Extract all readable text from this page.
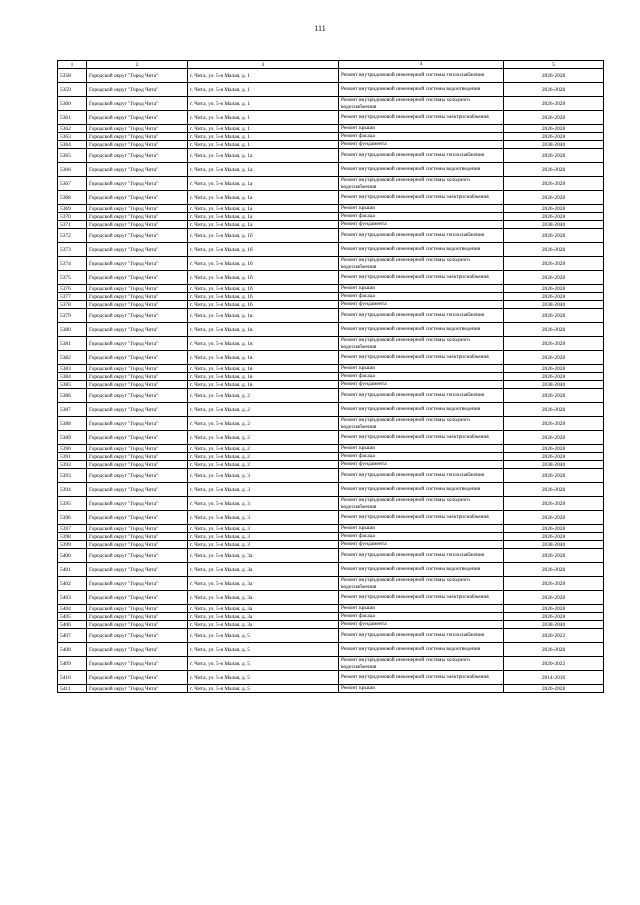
111
1	2	3	4	5
5358	Городской округ "Город Чита"	г. Чита, ул. 5-я Малая, д. 1	Ремонт внутридомовой инженерной системы теплоснабжения	2026-2028
5359	Городской округ "Город Чита"	г. Чита, ул. 5-я Малая, д. 1	Ремонт внутридомовой инженерной системы водоотведения	2026-2028
5360	Городской округ "Город Чита"	г. Чита, ул. 5-я Малая, д. 1	Ремонт внутридомовой инженерной системы холодного водоснабжения	2026-2028
5361	Городской округ "Город Чита"	г. Чита, ул. 5-я Малая, д. 1	Ремонт внутридомовой инженерной системы электроснабжения	2026-2028
5362	Городской округ "Город Чита"	г. Чита, ул. 5-я Малая, д. 1	Ремонт крыши	2026-2028
5363	Городской округ "Город Чита"	г. Чита, ул. 5-я Малая, д. 1	Ремонт фасада	2026-2028
5364	Городской округ "Город Чита"	г. Чита, ул. 5-я Малая, д. 1	Ремонт фундамента	2038-2040
5365	Городской округ "Город Чита"	г. Чита, ул. 5-я Малая, д. 1а	Ремонт внутридомовой инженерной системы теплоснабжения	2026-2028
5366	Городской округ "Город Чита"	г. Чита, ул. 5-я Малая, д. 1а	Ремонт внутридомовой инженерной системы водоотведения	2026-2028
5367	Городской округ "Город Чита"	г. Чита, ул. 5-я Малая, д. 1а	Ремонт внутридомовой инженерной системы холодного водоснабжения	2026-2028
5368	Городской округ "Город Чита"	г. Чита, ул. 5-я Малая, д. 1а	Ремонт внутридомовой инженерной системы электроснабжения	2026-2028
5369	Городской округ "Город Чита"	г. Чита, ул. 5-я Малая, д. 1а	Ремонт крыши	2026-2028
5370	Городской округ "Город Чита"	г. Чита, ул. 5-я Малая, д. 1а	Ремонт фасада	2026-2028
5371	Городской округ "Город Чита"	г. Чита, ул. 5-я Малая, д. 1а	Ремонт фундамента	2038-2040
5372	Городской округ "Город Чита"	г. Чита, ул. 5-я Малая, д. 1б	Ремонт внутридомовой инженерной системы теплоснабжения	2026-2028
5373	Городской округ "Город Чита"	г. Чита, ул. 5-я Малая, д. 1б	Ремонт внутридомовой инженерной системы водоотведения	2026-2028
5374	Городской округ "Город Чита"	г. Чита, ул. 5-я Малая, д. 1б	Ремонт внутридомовой инженерной системы холодного водоснабжения	2026-2028
5375	Городской округ "Город Чита"	г. Чита, ул. 5-я Малая, д. 1б	Ремонт внутридомовой инженерной системы электроснабжения	2026-2028
5376	Городской округ "Город Чита"	г. Чита, ул. 5-я Малая, д. 1б	Ремонт крыши	2026-2028
5377	Городской округ "Город Чита"	г. Чита, ул. 5-я Малая, д. 1б	Ремонт фасада	2026-2028
5378	Городской округ "Город Чита"	г. Чита, ул. 5-я Малая, д. 1б	Ремонт фундамента	2038-2040
5379	Городской округ "Город Чита"	г. Чита, ул. 5-я Малая, д. 1в	Ремонт внутридомовой инженерной системы теплоснабжения	2026-2028
5380	Городской округ "Город Чита"	г. Чита, ул. 5-я Малая, д. 1в	Ремонт внутридомовой инженерной системы водоотведения	2026-2028
5381	Городской округ "Город Чита"	г. Чита, ул. 5-я Малая, д. 1в	Ремонт внутридомовой инженерной системы холодного водоснабжения	2026-2028
5382	Городской округ "Город Чита"	г. Чита, ул. 5-я Малая, д. 1в	Ремонт внутридомовой инженерной системы электроснабжения	2026-2028
5383	Городской округ "Город Чита"	г. Чита, ул. 5-я Малая, д. 1в	Ремонт крыши	2026-2028
5384	Городской округ "Город Чита"	г. Чита, ул. 5-я Малая, д. 1в	Ремонт фасада	2026-2028
5385	Городской округ "Город Чита"	г. Чита, ул. 5-я Малая, д. 1в	Ремонт фундамента	2038-2040
5386	Городской округ "Город Чита"	г. Чита, ул. 5-я Малая, д. 2	Ремонт внутридомовой инженерной системы теплоснабжения	2026-2028
5387	Городской округ "Город Чита"	г. Чита, ул. 5-я Малая, д. 2	Ремонт внутридомовой инженерной системы водоотведения	2026-2028
5388	Городской округ "Город Чита"	г. Чита, ул. 5-я Малая, д. 2	Ремонт внутридомовой инженерной системы холодного водоснабжения	2026-2028
5389	Городской округ "Город Чита"	г. Чита, ул. 5-я Малая, д. 2	Ремонт внутридомовой инженерной системы электроснабжения	2026-2028
5390	Городской округ "Город Чита"	г. Чита, ул. 5-я Малая, д. 2	Ремонт крыши	2026-2028
5391	Городской округ "Город Чита"	г. Чита, ул. 5-я Малая, д. 2	Ремонт фасада	2026-2028
5392	Городской округ "Город Чита"	г. Чита, ул. 5-я Малая, д. 2	Ремонт фундамента	2038-2040
5393	Городской округ "Город Чита"	г. Чита, ул. 5-я Малая, д. 3	Ремонт внутридомовой инженерной системы теплоснабжения	2026-2028
5394	Городской округ "Город Чита"	г. Чита, ул. 5-я Малая, д. 3	Ремонт внутридомовой инженерной системы водоотведения	2026-2028
5395	Городской округ "Город Чита"	г. Чита, ул. 5-я Малая, д. 3	Ремонт внутридомовой инженерной системы холодного водоснабжения	2026-2028
5396	Городской округ "Город Чита"	г. Чита, ул. 5-я Малая, д. 3	Ремонт внутридомовой инженерной системы электроснабжения	2026-2028
5397	Городской округ "Город Чита"	г. Чита, ул. 5-я Малая, д. 3	Ремонт крыши	2026-2028
5398	Городской округ "Город Чита"	г. Чита, ул. 5-я Малая, д. 3	Ремонт фасада	2026-2028
5399	Городской округ "Город Чита"	г. Чита, ул. 5-я Малая, д. 3	Ремонт фундамента	2038-2040
5400	Городской округ "Город Чита"	г. Чита, ул. 5-я Малая, д. 3а	Ремонт внутридомовой инженерной системы теплоснабжения	2026-2028
5401	Городской округ "Город Чита"	г. Чита, ул. 5-я Малая, д. 3а	Ремонт внутридомовой инженерной системы водоотведения	2026-2028
5402	Городской округ "Город Чита"	г. Чита, ул. 5-я Малая, д. 3а	Ремонт внутридомовой инженерной системы холодного водоснабжения	2026-2028
5403	Городской округ "Город Чита"	г. Чита, ул. 5-я Малая, д. 3а	Ремонт внутридомовой инженерной системы электроснабжения	2026-2028
5404	Городской округ "Город Чита"	г. Чита, ул. 5-я Малая, д. 3а	Ремонт крыши	2026-2028
5405	Городской округ "Город Чита"	г. Чита, ул. 5-я Малая, д. 3а	Ремонт фасада	2026-2028
5406	Городской округ "Город Чита"	г. Чита, ул. 5-я Малая, д. 3а	Ремонт фундамента	2038-2040
5407	Городской округ "Город Чита"	г. Чита, ул. 5-я Малая, д. 5	Ремонт внутридомовой инженерной системы теплоснабжения	2020-2022
5408	Городской округ "Город Чита"	г. Чита, ул. 5-я Малая, д. 5	Ремонт внутридомовой инженерной системы водоотведения	2026-2028
5409	Городской округ "Город Чита"	г. Чита, ул. 5-я Малая, д. 5	Ремонт внутридомовой инженерной системы холодного водоснабжения	2020-2022
5410	Городской округ "Город Чита"	г. Чита, ул. 5-я Малая, д. 5	Ремонт внутридомовой инженерной системы электроснабжения	2014-2016
5411	Городской округ "Город Чита"	г. Чита, ул. 5-я Малая, д. 5	Ремонт крыши	2026-2028
